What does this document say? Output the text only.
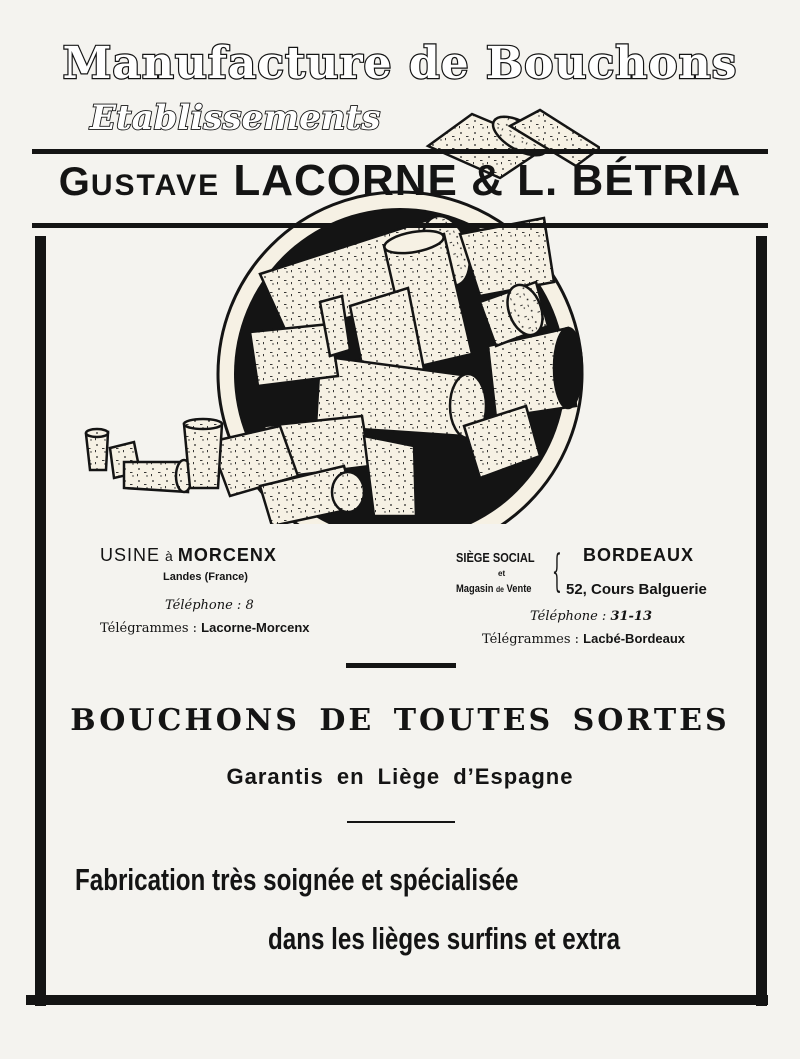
Manufacture de Bouchons
Etablissements
GUSTAVE LACORNE & L. BÉTRIA
USINE à MORCENX
Landes (France)
Téléphone : 8
Télégrammes : Lacorne-Morcenx
SIÈGE SOCIAL
et
Magasin de Vente { BORDEAUX
52, Cours Balguerie
Téléphone : 31-13
Télégrammes : Lacbé-Bordeaux
BOUCHONS DE TOUTES SORTES
Garantis en Liège d’Espagne
Fabrication très soignée et spécialisée
dans les lièges surfins et extra
